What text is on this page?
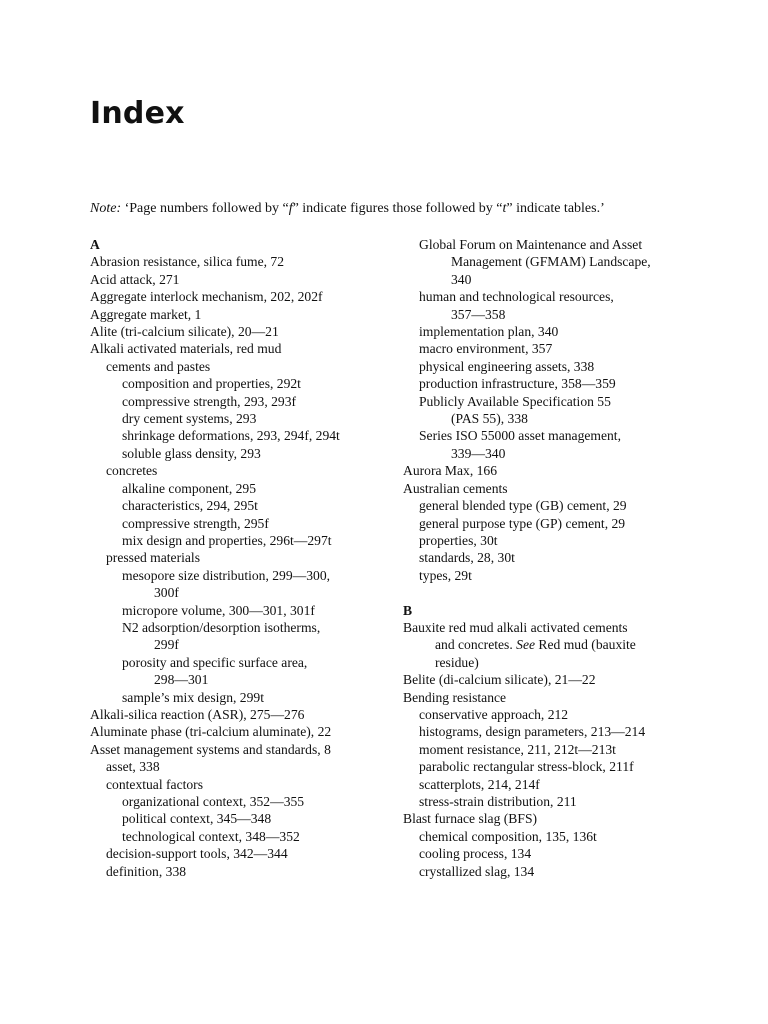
Index
Note: ‘Page numbers followed by “f” indicate figures those followed by “t” indicate tables.’
A
Abrasion resistance, silica fume, 72
Acid attack, 271
Aggregate interlock mechanism, 202, 202f
Aggregate market, 1
Alite (tri-calcium silicate), 20—21
Alkali activated materials, red mud
cements and pastes
composition and properties, 292t
compressive strength, 293, 293f
dry cement systems, 293
shrinkage deformations, 293, 294f, 294t
soluble glass density, 293
concretes
alkaline component, 295
characteristics, 294, 295t
compressive strength, 295f
mix design and properties, 296t—297t
pressed materials
mesopore size distribution, 299—300,
300f
micropore volume, 300—301, 301f
N2 adsorption/desorption isotherms,
299f
porosity and specific surface area,
298—301
sample’s mix design, 299t
Alkali-silica reaction (ASR), 275—276
Aluminate phase (tri-calcium aluminate), 22
Asset management systems and standards, 8
asset, 338
contextual factors
organizational context, 352—355
political context, 345—348
technological context, 348—352
decision-support tools, 342—344
definition, 338
Global Forum on Maintenance and Asset
Management (GFMAM) Landscape,
340
human and technological resources,
357—358
implementation plan, 340
macro environment, 357
physical engineering assets, 338
production infrastructure, 358—359
Publicly Available Specification 55
(PAS 55), 338
Series ISO 55000 asset management,
339—340
Aurora Max, 166
Australian cements
general blended type (GB) cement, 29
general purpose type (GP) cement, 29
properties, 30t
standards, 28, 30t
types, 29t
B
Bauxite red mud alkali activated cements
and concretes. See Red mud (bauxite
residue)
Belite (di-calcium silicate), 21—22
Bending resistance
conservative approach, 212
histograms, design parameters, 213—214
moment resistance, 211, 212t—213t
parabolic rectangular stress-block, 211f
scatterplots, 214, 214f
stress-strain distribution, 211
Blast furnace slag (BFS)
chemical composition, 135, 136t
cooling process, 134
crystallized slag, 134
